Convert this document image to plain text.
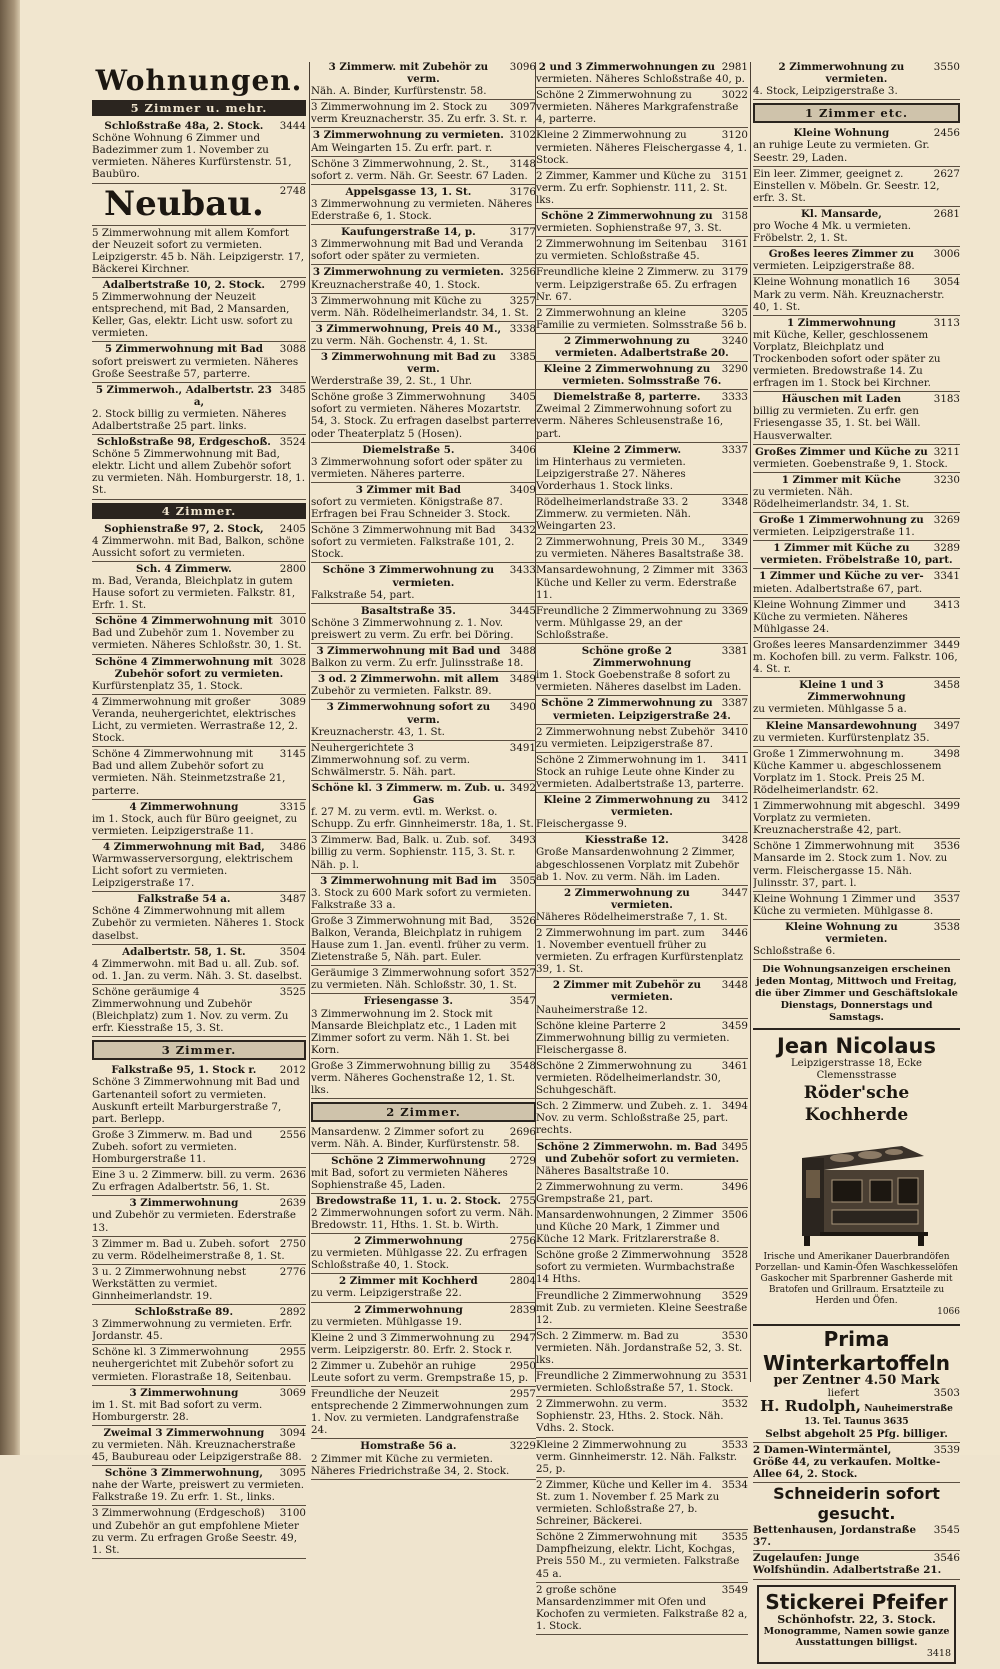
Wohnungen.
5 Zimmer u. mehr.
3444
Schloßstraße 48a, 2. Stock.
Schöne Wohnung 6 Zimmer und Badezimmer zum 1. November zu vermieten. Näheres Kurfürstenstr. 51, Baubüro.
2748
Neubau.
5 Zimmerwohnung mit allem Komfort der Neuzeit sofort zu vermieten. Leipzigerstr. 45 b. Näh. Leipzigerstr. 17, Bäckerei Kirchner.
2799
Adalbertstraße 10, 2. Stock.
5 Zimmerwohnung der Neuzeit entsprechend, mit Bad, 2 Mansarden, Keller, Gas, elektr. Licht usw. sofort zu vermieten.
3088
5 Zimmerwohnung mit Bad
sofort preiswert zu vermieten. Näheres Große Seestraße 57, parterre.
3485
5 Zimmerwoh., Adalbertstr. 23 a,
2. Stock billig zu vermieten. Näheres Adalbertstraße 25 part. links.
3524
Schloßstraße 98, Erdgeschoß.
Schöne 5 Zimmerwohnung mit Bad, elektr. Licht und allem Zubehör sofort zu vermieten. Näh. Homburgerstr. 18, 1. St.
4 Zimmer.
2405
Sophienstraße 97, 2. Stock,
4 Zimmerwohn. mit Bad, Balkon, schöne Aussicht sofort zu vermieten.
2800
Sch. 4 Zimmerw.
m. Bad, Veranda, Bleichplatz in gutem Hause sofort zu vermieten. Falkstr. 81, Erfr. 1. St.
3010
Schöne 4 Zimmerwohnung mit
Bad und Zubehör zum 1. November zu vermieten. Näheres Schloßstr. 30, 1. St.
3028
Schöne 4 Zimmerwohnung mit Zubehör sofort zu vermieten.
Kurfürstenplatz 35, 1. Stock.
3089
4 Zimmerwohnung mit großer Veranda, neuhergerichtet, elektrisches Licht, zu vermieten. Werrastraße 12, 2. Stock.
3145
Schöne 4 Zimmerwohnung mit Bad und allem Zubehör sofort zu vermieten. Näh. Steinmetzstraße 21, parterre.
3315
4 Zimmerwohnung
im 1. Stock, auch für Büro geeignet, zu vermieten. Leipzigerstraße 11.
3486
4 Zimmerwohnung mit Bad,
Warmwasserversorgung, elektrischem Licht sofort zu vermieten. Leipzigerstraße 17.
3487
Falkstraße 54 a.
Schöne 4 Zimmerwohnung mit allem Zubehör zu vermieten. Näheres 1. Stock daselbst.
3504
Adalbertstr. 58, 1. St.
4 Zimmerwohn. mit Bad u. all. Zub. sof. od. 1. Jan. zu verm. Näh. 3. St. daselbst.
3525
Schöne geräumige 4 Zimmerwohnung und Zubehör (Bleichplatz) zum 1. Nov. zu verm. Zu erfr. Kiesstraße 15, 3. St.
3 Zimmer.
2012
Falkstraße 95, 1. Stock r.
Schöne 3 Zimmerwohnung mit Bad und Gartenanteil sofort zu vermieten. Auskunft erteilt Marburgerstraße 7, part. Berlepp.
2556
Große 3 Zimmerw. m. Bad und Zubeh. sofort zu vermieten. Homburgerstraße 11.
2636
Eine 3 u. 2 Zimmerw. bill. zu verm. Zu erfragen Adalbertstr. 56, 1. St.
2639
3 Zimmerwohnung
und Zubehör zu vermieten. Ederstraße 13.
2750
3 Zimmer m. Bad u. Zubeh. sofort zu verm. Rödelheimerstraße 8, 1. St.
2776
3 u. 2 Zimmerwohnung nebst Werkstätten zu vermiet. Ginnheimerlandstr. 19.
2892
Schloßstraße 89.
3 Zimmerwohnung zu vermieten. Erfr. Jordanstr. 45.
2955
Schöne kl. 3 Zimmerwohnung neuhergerichtet mit Zubehör sofort zu vermieten. Florastraße 18, Seitenbau.
3069
3 Zimmerwohnung
im 1. St. mit Bad sofort zu verm. Homburgerstr. 28.
3094
Zweimal 3 Zimmerwohnung
zu vermieten. Näh. Kreuznacherstraße 45, Baubureau oder Leipzigerstraße 88.
3095
Schöne 3 Zimmerwohnung,
nahe der Warte, preiswert zu vermieten. Falkstraße 19. Zu erfr. 1. St., links.
3100
3 Zimmerwohnung (Erdgeschoß) und Zubehör an gut empfohlene Mieter zu verm. Zu erfragen Große Seestr. 49, 1. St.
3096
3 Zimmerw. mit Zubehör zu verm.
Näh. A. Binder, Kurfürstenstr. 58.
3097
3 Zimmerwohnung im 2. Stock zu verm Kreuznacherstr. 35. Zu erfr. 3. St. r.
3102
3 Zimmerwohnung zu vermieten.
Am Weingarten 15. Zu erfr. part. r.
3148
Schöne 3 Zimmerwohnung, 2. St., sofort z. verm. Näh. Gr. Seestr. 67 Laden.
3176
Appelsgasse 13, 1. St.
3 Zimmerwohnung zu vermieten. Näheres Ederstraße 6, 1. Stock.
3177
Kaufungerstraße 14, p.
3 Zimmerwohnung mit Bad und Veranda sofort oder später zu vermieten.
3256
3 Zimmerwohnung zu vermieten.
Kreuznacherstraße 40, 1. Stock.
3257
3 Zimmerwohnung mit Küche zu verm. Näh. Rödelheimerlandstr. 34, 1. St.
3338
3 Zimmerwohnung, Preis 40 M.,
zu verm. Näh. Gochenstr. 4, 1. St.
3385
3 Zimmerwohnung mit Bad zu verm.
Werderstraße 39, 2. St., 1 Uhr.
3405
Schöne große 3 Zimmerwohnung sofort zu vermieten. Näheres Mozartstr. 54, 3. Stock. Zu erfragen daselbst parterre oder Theaterplatz 5 (Hosen).
3406
Diemelstraße 5.
3 Zimmerwohnung sofort oder später zu vermieten. Näheres parterre.
3409
3 Zimmer mit Bad
sofort zu vermieten. Königstraße 87. Erfragen bei Frau Schneider 3. Stock.
3432
Schöne 3 Zimmerwohnung mit Bad sofort zu vermieten. Falkstraße 101, 2. Stock.
3433
Schöne 3 Zimmerwohnung zu vermieten.
Falkstraße 54, part.
3445
Basaltstraße 35.
Schöne 3 Zimmerwohnung z. 1. Nov. preiswert zu verm. Zu erfr. bei Döring.
3488
3 Zimmerwohnung mit Bad und
Balkon zu verm. Zu erfr. Julinsstraße 18.
3489
3 od. 2 Zimmerwohn. mit allem
Zubehör zu vermieten. Falkstr. 89.
3490
3 Zimmerwohnung sofort zu verm.
Kreuznacherstr. 43, 1. St.
3491
Neuhergerichtete 3 Zimmerwohnung sof. zu verm. Schwälmerstr. 5. Näh. part.
3492
Schöne kl. 3 Zimmerw. m. Zub. u. Gas
f. 27 M. zu verm. evtl. m. Werkst. o. Schupp. Zu erfr. Ginnheimerstr. 18a, 1. St.
3493
3 Zimmerw. Bad, Balk. u. Zub. sof. billig zu verm. Sophienstr. 115, 3. St. r. Näh. p. l.
3505
3 Zimmerwohnung mit Bad im
3. Stock zu 600 Mark sofort zu vermieten. Falkstraße 33 a.
3526
Große 3 Zimmerwohnung mit Bad, Balkon, Veranda, Bleichplatz in ruhigem Hause zum 1. Jan. eventl. früher zu verm. Zietenstraße 5, Näh. part. Euler.
3527
Geräumige 3 Zimmerwohnung sofort zu vermieten. Näh. Schloßstr. 30, 1. St.
3547
Friesengasse 3.
3 Zimmerwohnung im 2. Stock mit Mansarde Bleichplatz etc., 1 Laden mit Zimmer sofort zu verm. Näh 1. St. bei Korn.
3548
Große 3 Zimmerwohnung billig zu verm. Näheres Gochenstraße 12, 1. St. lks.
2 Zimmer.
2696
Mansardenw. 2 Zimmer sofort zu verm. Näh. A. Binder, Kurfürstenstr. 58.
2729
Schöne 2 Zimmerwohnung
mit Bad, sofort zu vermieten Näheres Sophienstraße 45, Laden.
2755
Bredowstraße 11, 1. u. 2. Stock.
2 Zimmerwohnungen sofort zu verm. Näh. Bredowstr. 11, Hths. 1. St. b. Wirth.
2756
2 Zimmerwohnung
zu vermieten. Mühlgasse 22. Zu erfragen Schloßstraße 40, 1. Stock.
2804
2 Zimmer mit Kochherd
zu verm. Leipzigerstraße 22.
2839
2 Zimmerwohnung
zu vermieten. Mühlgasse 19.
2947
Kleine 2 und 3 Zimmerwohnung zu verm. Leipzigerstr. 80. Erfr. 2. Stock r.
2950
2 Zimmer u. Zubehör an ruhige Leute sofort zu verm. Grempstraße 15, p.
2957
Freundliche der Neuzeit entsprechende 2 Zimmerwohnungen zum 1. Nov. zu vermieten. Landgrafenstraße 24.
3229
Homstraße 56 a.
2 Zimmer mit Küche zu vermieten. Näheres Friedrichstraße 34, 2. Stock.
2981
2 und 3 Zimmerwohnungen zu
vermieten. Näheres Schloßstraße 40, p.
3022
Schöne 2 Zimmerwohnung zu vermieten. Näheres Markgrafenstraße 4, parterre.
3120
Kleine 2 Zimmerwohnung zu vermieten. Näheres Fleischergasse 4, 1. Stock.
3151
2 Zimmer, Kammer und Küche zu verm. Zu erfr. Sophienstr. 111, 2. St. lks.
3158
Schöne 2 Zimmerwohnung zu
vermieten. Sophienstraße 97, 3. St.
3161
2 Zimmerwohnung im Seitenbau zu vermieten. Schloßstraße 45.
3179
Freundliche kleine 2 Zimmerw. zu verm. Leipzigerstraße 65. Zu erfragen Nr. 67.
3205
2 Zimmerwohnung an kleine Familie zu vermieten. Solmsstraße 56 b.
3240
2 Zimmerwohnung zu vermieten. Adalbertstraße 20.
3290
Kleine 2 Zimmerwohnung zu vermieten. Solmsstraße 76.
3333
Diemelstraße 8, parterre.
Zweimal 2 Zimmerwohnung sofort zu verm. Näheres Schleusenstraße 16, part.
3337
Kleine 2 Zimmerw.
im Hinterhaus zu vermieten. Leipzigerstraße 27. Näheres Vorderhaus 1. Stock links.
3348
Rödelheimerlandstraße 33. 2 Zimmerw. zu vermieten. Näh. Weingarten 23.
3349
2 Zimmerwohnung, Preis 30 M., zu vermieten. Näheres Basaltstraße 38.
3363
Mansardewohnung, 2 Zimmer mit Küche und Keller zu verm. Ederstraße 11.
3369
Freundliche 2 Zimmerwohnung zu verm. Mühlgasse 29, an der Schloßstraße.
3381
Schöne große 2 Zimmerwohnung
im 1. Stock Goebenstraße 8 sofort zu vermieten. Näheres daselbst im Laden.
3387
Schöne 2 Zimmerwohnung zu vermieten. Leipzigerstraße 24.
3410
2 Zimmerwohnung nebst Zubehör zu vermieten. Leipzigerstraße 87.
3411
Schöne 2 Zimmerwohnung im 1. Stock an ruhige Leute ohne Kinder zu vermieten. Adalbertstraße 13, parterre.
3412
Kleine 2 Zimmerwohnung zu vermieten.
Fleischergasse 9.
3428
Kiesstraße 12.
Große Mansardenwohnung 2 Zimmer, abgeschlossenen Vorplatz mit Zubehör ab 1. Nov. zu verm. Näh. im Laden.
3447
2 Zimmerwohnung zu vermieten.
Näheres Rödelheimerstraße 7, 1. St.
3446
2 Zimmerwohnung im part. zum 1. November eventuell früher zu vermieten. Zu erfragen Kurfürstenplatz 39, 1. St.
3448
2 Zimmer mit Zubehör zu vermieten.
Nauheimerstraße 12.
3459
Schöne kleine Parterre 2 Zimmerwohnung billig zu vermieten. Fleischergasse 8.
3461
Schöne 2 Zimmerwohnung zu vermieten. Rödelheimerlandstr. 30, Schuhgeschäft.
3494
Sch. 2 Zimmerw. und Zubeh. z. 1. Nov. zu verm. Schloßstraße 25, part. rechts.
3495
Schöne 2 Zimmerwohn. m. Bad und Zubehör sofort zu vermieten.
Näheres Basaltstraße 10.
3496
2 Zimmerwohnung zu verm. Grempstraße 21, part.
3506
Mansardenwohnungen, 2 Zimmer und Küche 20 Mark, 1 Zimmer und Küche 12 Mark. Fritzlarerstraße 8.
3528
Schöne große 2 Zimmerwohnung sofort zu vermieten. Wurmbachstraße 14 Hths.
3529
Freundliche 2 Zimmerwohnung mit Zub. zu vermieten. Kleine Seestraße 12.
3530
Sch. 2 Zimmerw. m. Bad zu vermieten. Näh. Jordanstraße 52, 3. St. lks.
3531
Freundliche 2 Zimmerwohnung zu vermieten. Schloßstraße 57, 1. Stock.
3532
2 Zimmerwohn. zu verm. Sophienstr. 23, Hths. 2. Stock. Näh. Vdhs. 2. Stock.
3533
Kleine 2 Zimmerwohnung zu verm. Ginnheimerstr. 12. Näh. Falkstr. 25, p.
3534
2 Zimmer, Küche und Keller im 4. St. zum 1. November f. 25 Mark zu vermieten. Schloßstraße 27, b. Schreiner, Bäckerei.
3535
Schöne 2 Zimmerwohnung mit Dampfheizung, elektr. Licht, Kochgas, Preis 550 M., zu vermieten. Falkstraße 45 a.
3549
2 große schöne Mansardenzimmer mit Ofen und Kochofen zu vermieten. Falkstraße 82 a, 1. Stock.
3550
2 Zimmerwohnung zu vermieten.
4. Stock, Leipzigerstraße 3.
1 Zimmer etc.
2456
Kleine Wohnung
an ruhige Leute zu vermieten. Gr. Seestr. 29, Laden.
2627
Ein leer. Zimmer, geeignet z. Einstellen v. Möbeln. Gr. Seestr. 12, erfr. 3. St.
2681
Kl. Mansarde,
pro Woche 4 Mk. u vermieten. Fröbelstr. 2, 1. St.
3006
Großes leeres Zimmer zu
vermieten. Leipzigerstraße 88.
3054
Kleine Wohnung monatlich 16 Mark zu verm. Näh. Kreuznacherstr. 40, 1. St.
3113
1 Zimmerwohnung
mit Küche, Keller, geschlossenem Vorplatz, Bleichplatz und Trockenboden sofort oder später zu vermieten. Bredowstraße 14. Zu erfragen im 1. Stock bei Kirchner.
3183
Häuschen mit Laden
billig zu vermieten. Zu erfr. gen Friesengasse 35, 1. St. bei Wäll. Hausverwalter.
3211
Großes Zimmer und Küche zu
vermieten. Goebenstraße 9, 1. Stock.
3230
1 Zimmer mit Küche
zu vermieten. Näh. Rödelheimerlandstr. 34, 1. St.
3269
Große 1 Zimmerwohnung zu
vermieten. Leipzigerstraße 11.
3289
1 Zimmer mit Küche zu vermieten. Fröbelstraße 10, part.
3341
1 Zimmer und Küche zu ver-
mieten. Adalbertstraße 67, part.
3413
Kleine Wohnung Zimmer und Küche zu vermieten. Näheres Mühlgasse 24.
3449
Großes leeres Mansardenzimmer m. Kochofen bill. zu verm. Falkstr. 106, 4. St. r.
3458
Kleine 1 und 3 Zimmerwohnung
zu vermieten. Mühlgasse 5 a.
3497
Kleine Mansardewohnung
zu vermieten. Kurfürstenplatz 35.
3498
Große 1 Zimmerwohnung m. Küche Kammer u. abgeschlossenem Vorplatz im 1. Stock. Preis 25 M. Rödelheimerlandstr. 62.
3499
1 Zimmerwohnung mit abgeschl. Vorplatz zu vermieten. Kreuznacherstraße 42, part.
3536
Schöne 1 Zimmerwohnung mit Mansarde im 2. Stock zum 1. Nov. zu verm. Fleischergasse 15. Näh. Julinsstr. 37, part. l.
3537
Kleine Wohnung 1 Zimmer und Küche zu vermieten. Mühlgasse 8.
3538
Kleine Wohnung zu vermieten.
Schloßstraße 6.
Die Wohnungsanzeigen erscheinen jeden Montag, Mittwoch und Freitag, die über Zimmer und Geschäftslokale Dienstags, Donnerstags und Samstags.
Jean Nicolaus
Leipzigerstrasse 18, Ecke Clemensstrasse
Röder'sche Kochherde
Irische und Amerikaner Dauerbrandöfen Porzellan- und Kamin-Öfen Waschkesselöfen Gaskocher mit Sparbrenner Gasherde mit Bratofen und Grillraum. Ersatzteile zu Herden und Öfen.
1066
Prima Winterkartoffeln
per Zentner 4.50 Mark
liefert	3503
H. Rudolph, Nauheimerstraße 13. Tel. Taunus 3635
Selbst abgeholt 25 Pfg. billiger.
3539
2 Damen-Wintermäntel, Größe 44, zu verkaufen. Moltke-Allee 64, 2. Stock.
Schneiderin sofort gesucht.
3545
Bettenhausen, Jordanstraße 37.
3546
Zugelaufen: Junge Wolfshündin. Adalbertstraße 21.
Stickerei Pfeifer
Schönhofstr. 22, 3. Stock.
Monogramme, Namen sowie ganze Ausstattungen billigst.
3418
